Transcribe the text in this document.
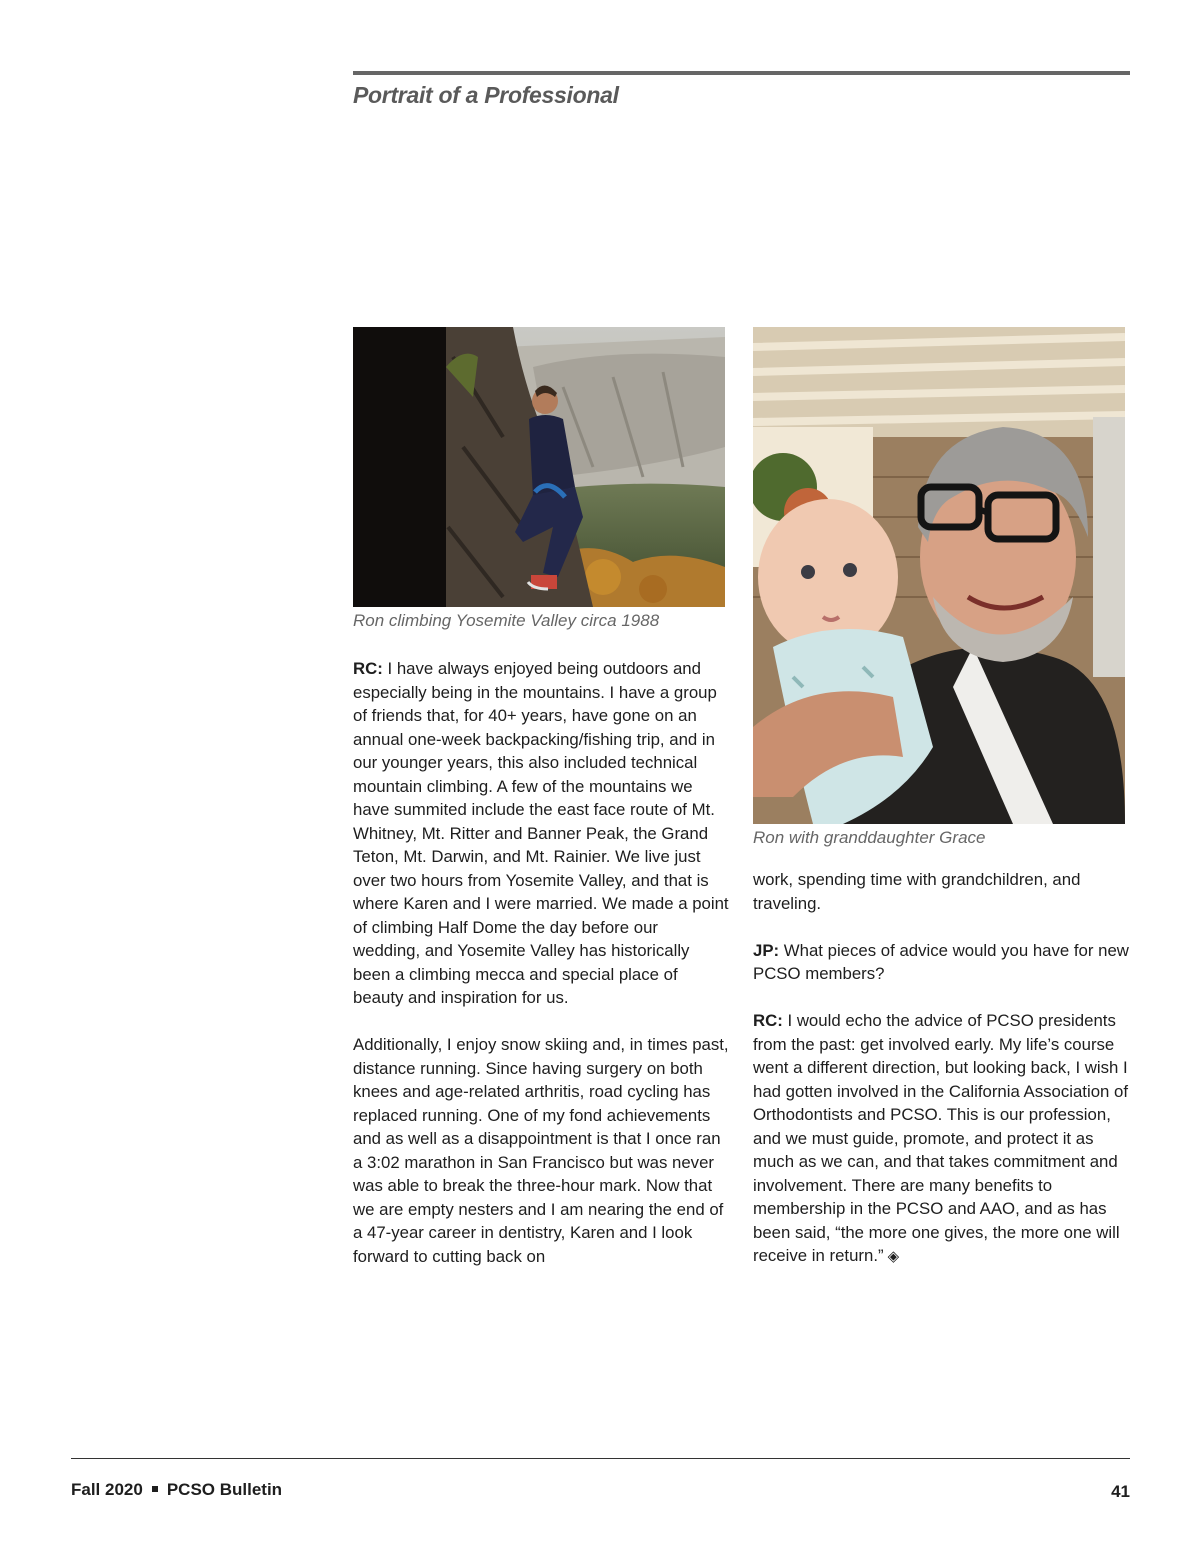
Portrait of a Professional

Ron climbing Yosemite Valley circa 1988

Ron with granddaughter Grace

RC: I have always enjoyed being outdoors and especially being in the mountains. I have a group of friends that, for 40+ years, have gone on an annual one-week backpacking/fishing trip, and in our younger years, this also included technical mountain climbing. A few of the mountains we have summited include the east face route of Mt. Whitney, Mt. Ritter and Banner Peak, the Grand Teton, Mt. Darwin, and Mt. Rainier. We live just over two hours from Yosemite Valley, and that is where Karen and I were married. We made a point of climbing Half Dome the day before our wedding, and Yosemite Valley has historically been a climbing mecca and special place of beauty and inspiration for us.

Additionally, I enjoy snow skiing and, in times past, distance running. Since having surgery on both knees and age-related arthritis, road cycling has replaced running. One of my fond achievements and as well as a disappointment is that I once ran a 3:02 marathon in San Francisco but was never was able to break the three-hour mark. Now that we are empty nesters and I am nearing the end of a 47-year career in dentistry, Karen and I look forward to cutting back on

work, spending time with grandchildren, and traveling.

JP: What pieces of advice would you have for new PCSO members?

RC: I would echo the advice of PCSO presidents from the past: get involved early. My life’s course went a different direction, but looking back, I wish I had gotten involved in the California Association of Orthodontists and PCSO. This is our profession, and we must guide, promote, and protect it as much as we can, and that takes commitment and involvement. There are many benefits to membership in the PCSO and AAO, and as has been said, “the more one gives, the more one will receive in return.” ◈

Fall 2020 PCSO Bulletin	41
